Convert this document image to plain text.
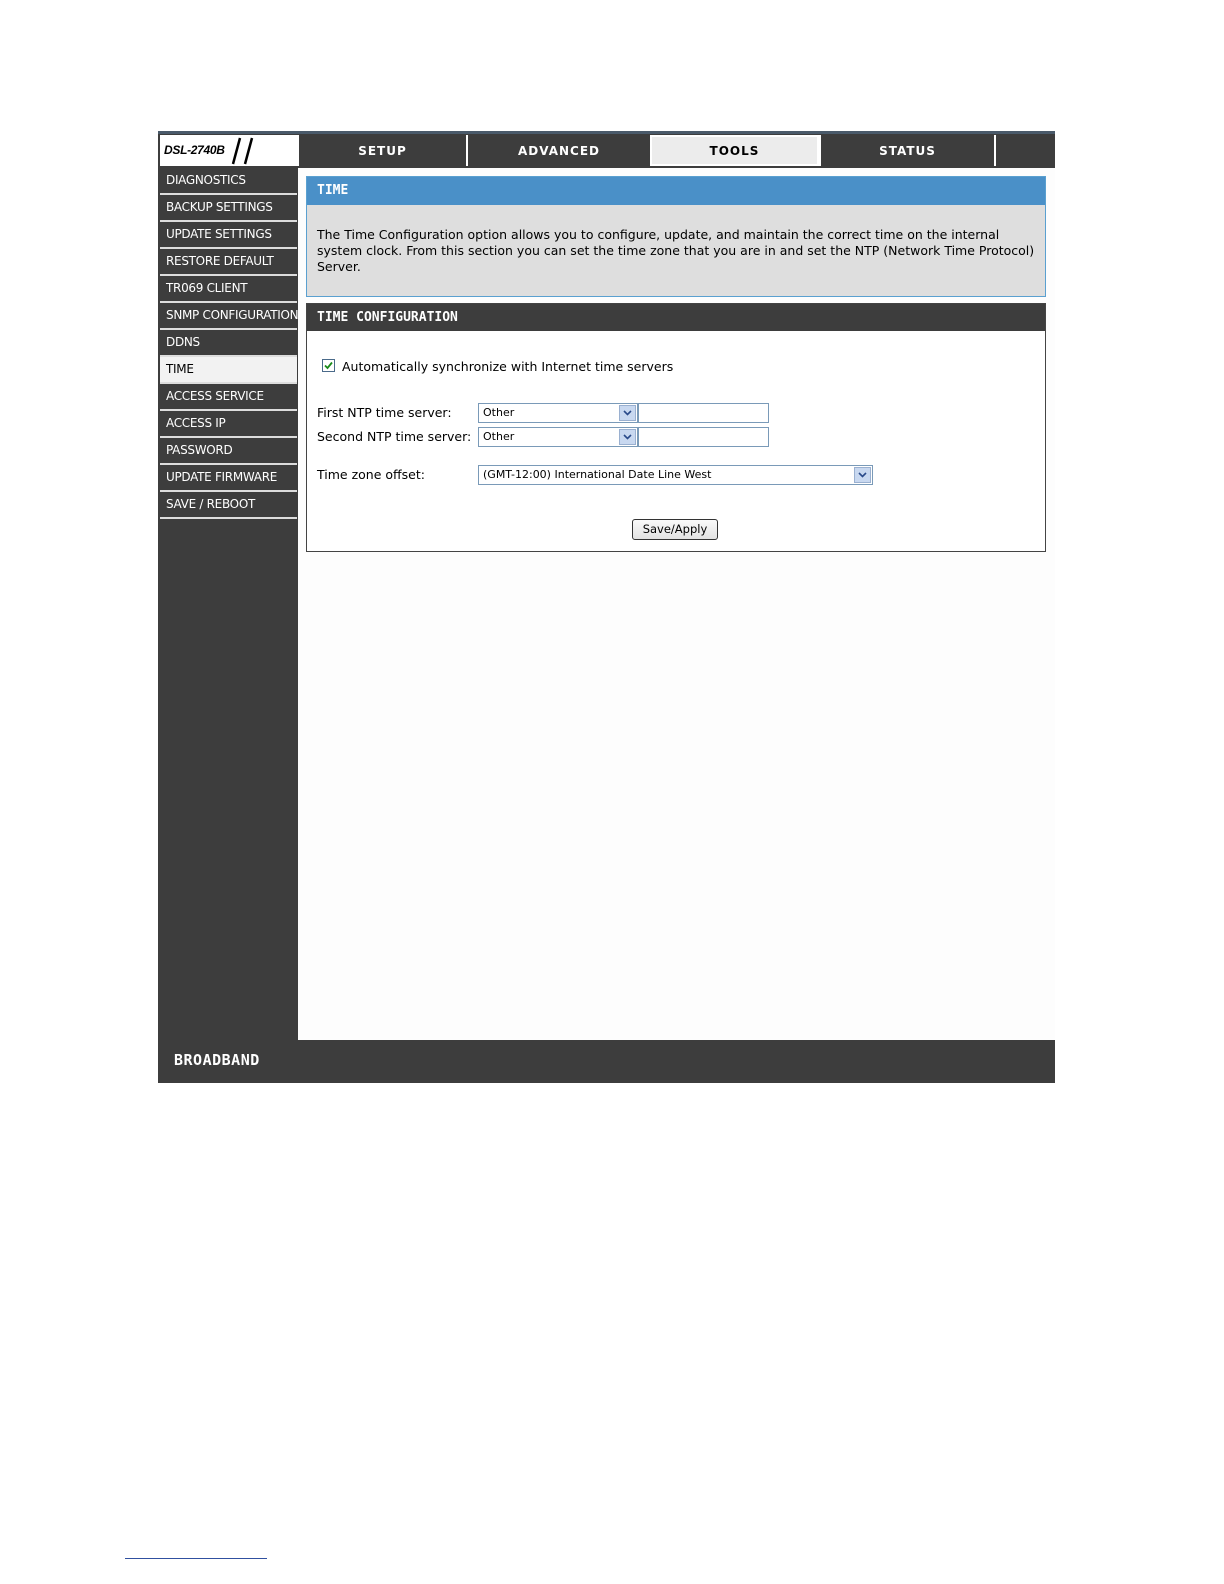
DSL-2740B	SETUP	ADVANCED	TOOLS	STATUS
DIAGNOSTICS
BACKUP SETTINGS
UPDATE SETTINGS
RESTORE DEFAULT
TR069 CLIENT
SNMP CONFIGURATION
DDNS
TIME
ACCESS SERVICE
ACCESS IP
PASSWORD
UPDATE FIRMWARE
SAVE / REBOOT
TIME
The Time Configuration option allows you to configure, update, and maintain the correct time on the internal system clock. From this section you can set the time zone that you are in and set the NTP (Network Time Protocol) Server.
TIME CONFIGURATION
Automatically synchronize with Internet time servers
First NTP time server:	Other
Second NTP time server:	Other
Time zone offset:	(GMT-12:00) International Date Line West
Save/Apply
BROADBAND
